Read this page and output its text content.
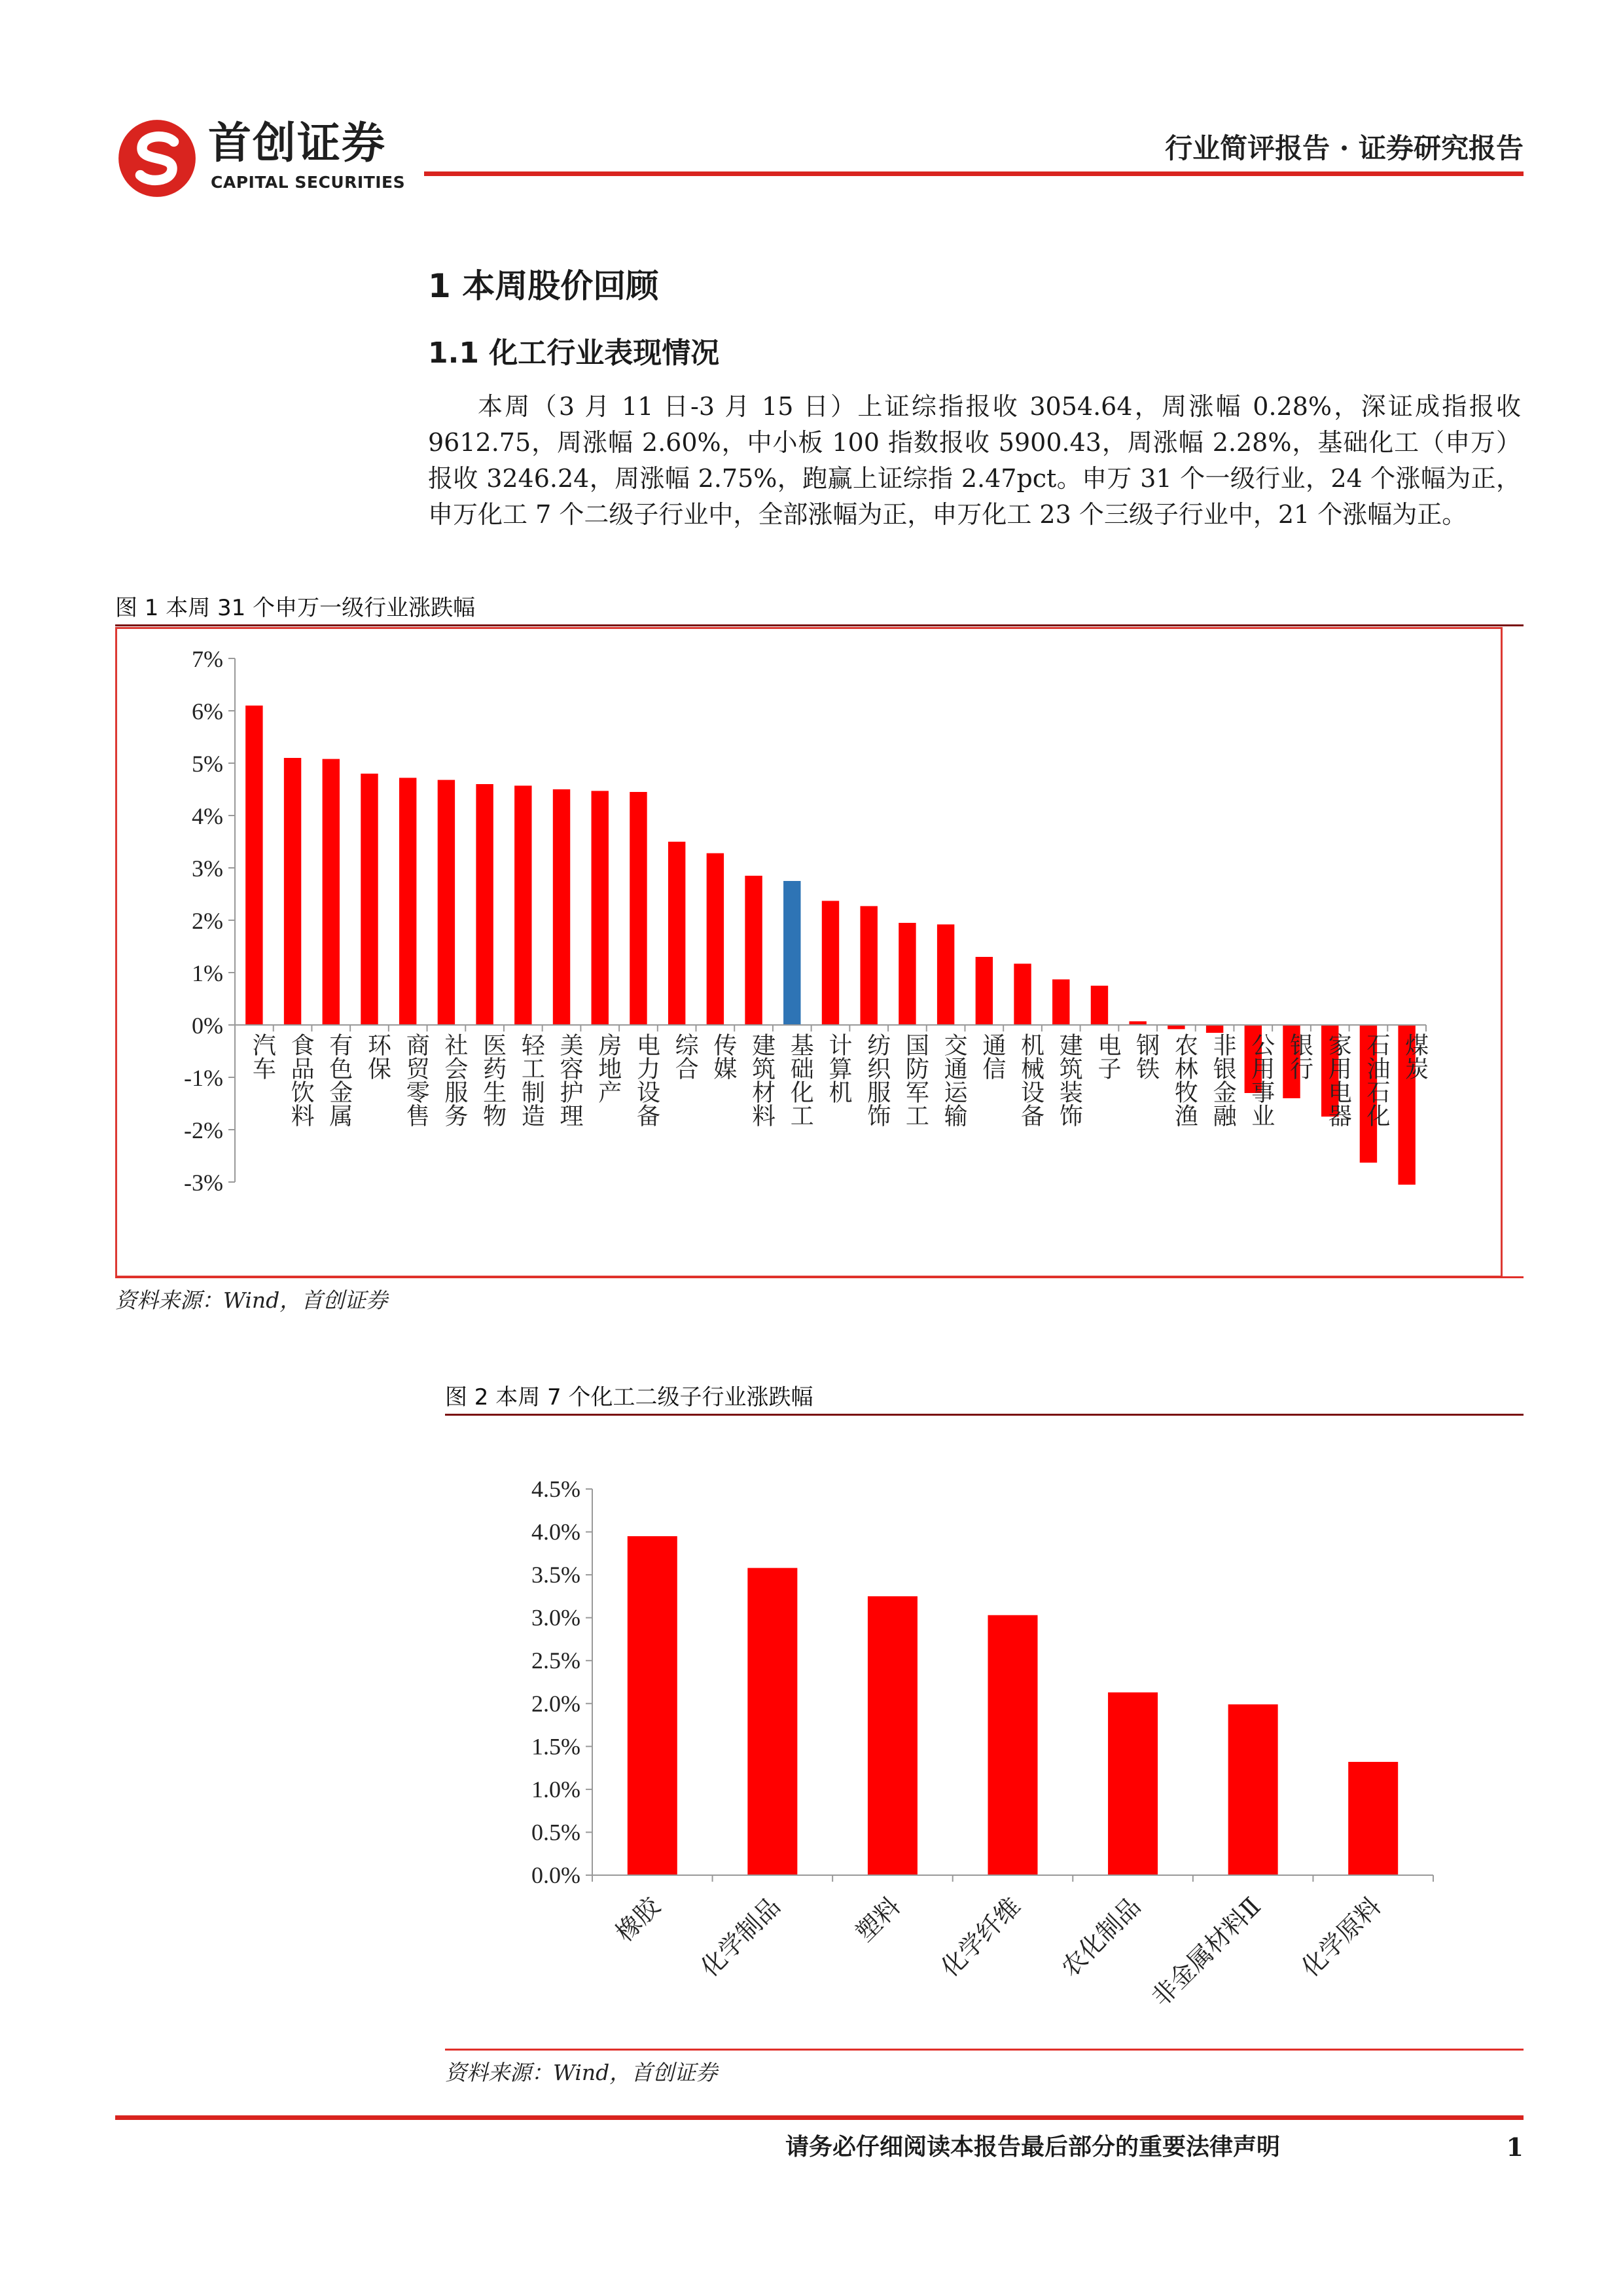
首创证券
CAPITAL SECURITIES
行业简评报告 · 证券研究报告
1 本周股价回顾
1.1 化工行业表现情况
本周（3 月 11 日-3 月 15 日）上证综指报收 3054.64，周涨幅 0.28%，深证成指报收 9612.75，周涨幅 2.60%，中小板 100 指数报收 5900.43，周涨幅 2.28%，基础化工（申万）报收 3246.24，周涨幅 2.75%，跑赢上证综指 2.47pct。申万 31 个一级行业，24 个涨幅为正，申万化工 7 个二级子行业中，全部涨幅为正，申万化工 23 个三级子行业中，21 个涨幅为正。
图 1 本周 31 个申万一级行业涨跌幅
-3%
-2%
-1%
0%
1%
2%
3%
4%
5%
6%
7%
汽车 食品饮料 有色金属 环保 商贸零售 社会服务 医药生物 轻工制造 美容护理 房地产 电力设备 综合 传媒 建筑材料 基础化工 计算机 纺织服饰 国防军工 交通运输 通信 机械设备 建筑装饰 电子 钢铁 农林牧渔 非银金融 公用事业 银行 家用电器 石油石化 煤炭
资料来源：Wind，首创证券
图 2 本周 7 个化工二级子行业涨跌幅
0.0%
0.5%
1.0%
1.5%
2.0%
2.5%
3.0%
3.5%
4.0%
4.5%
橡胶 化学制品	塑料 化学纤维 农化制品 非金属材料Ⅱ 化学原料
资料来源：Wind，首创证券
请务必仔细阅读本报告最后部分的重要法律声明	1
